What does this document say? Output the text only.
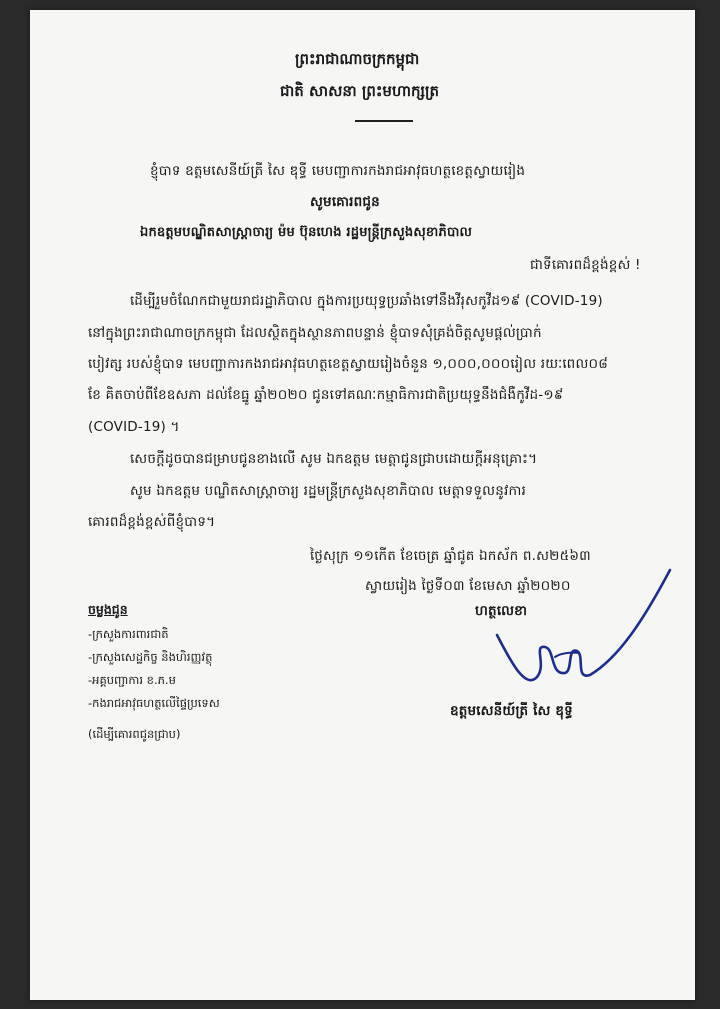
ព្រះរាជាណាចក្រកម្ពុជា
ជាតិ សាសនា ព្រះមហាក្សត្រ
ខ្ញុំបាទ ឧត្តមសេនីយ៍ត្រី សៃ ឌុទ្ធី មេបញ្ជាការកងរាជអាវុធហត្ថខេត្តស្វាយរៀង
សូមគោរពជូន
ឯកឧត្តមបណ្ឌិតសាស្ត្រាចារ្យ ម៉ម ប៊ុនហេង រដ្ឋមន្ត្រីក្រសួងសុខាភិបាល
ជាទីគោរពដ៏ខ្ពង់ខ្ពស់ !
ដើម្បីរួមចំណែកជាមួយរាជរដ្ឋាភិបាល ក្នុងការប្រយុទ្ធប្រឆាំងទៅនឹងវីរុសកូវីដ១៩ (COVID-19)
នៅក្នុងព្រះរាជាណាចក្រកម្ពុជា ដែលស្ថិតក្នុងស្ថានភាពបន្ទាន់ ខ្ញុំបាទសុំគ្រង់ចិត្តសូមផ្តល់ប្រាក់
បៀវត្ស របស់ខ្ញុំបាទ មេបញ្ជាការកងរាជអាវុធហត្ថខេត្តស្វាយរៀងចំនួន ១,០០០,០០០រៀល រយៈពេល០៨
ខែ គិតចាប់ពីខែឧសភា ដល់ខែធ្នូ ឆ្នាំ២០២០ ជូនទៅគណៈកម្មាធិការជាតិប្រយុទ្ធនឹងជំងឺកូវីដ-១៩
(COVID-19) ។
សេចក្តីដូចបានជម្រាបជូនខាងលើ សូម ឯកឧត្តម មេត្តាជូនជ្រាបដោយក្តីអនុគ្រោះ។
សូម ឯកឧត្តម បណ្ឌិតសាស្ត្រាចារ្យ រដ្ឋមន្ត្រីក្រសួងសុខាភិបាល មេត្តាទទួលនូវការ
គោរពដ៏ខ្ពង់ខ្ពស់ពីខ្ញុំបាទ។
ថ្ងៃសុក្រ ១១កើត ខែចេត្រ ឆ្នាំជូត ឯកស័ក ព.ស២៥៦៣
ស្វាយរៀង ថ្ងៃទី០៣ ខែមេសា ឆ្នាំ២០២០
ហត្ថលេខា
ឧត្តមសេនីយ៍ត្រី សៃ ឌុទ្ធី
ចម្លងជូន
-ក្រសួងការពារជាតិ
-ក្រសួងសេដ្ឋកិច្ច និងហិរញ្ញវត្ថុ
-អគ្គបញ្ជាការ ខ.ភ.ម
-កងរាជអាវុធហត្ថលើផ្ទៃប្រទេស
(ដើម្បីគោរពជូនជ្រាប)
